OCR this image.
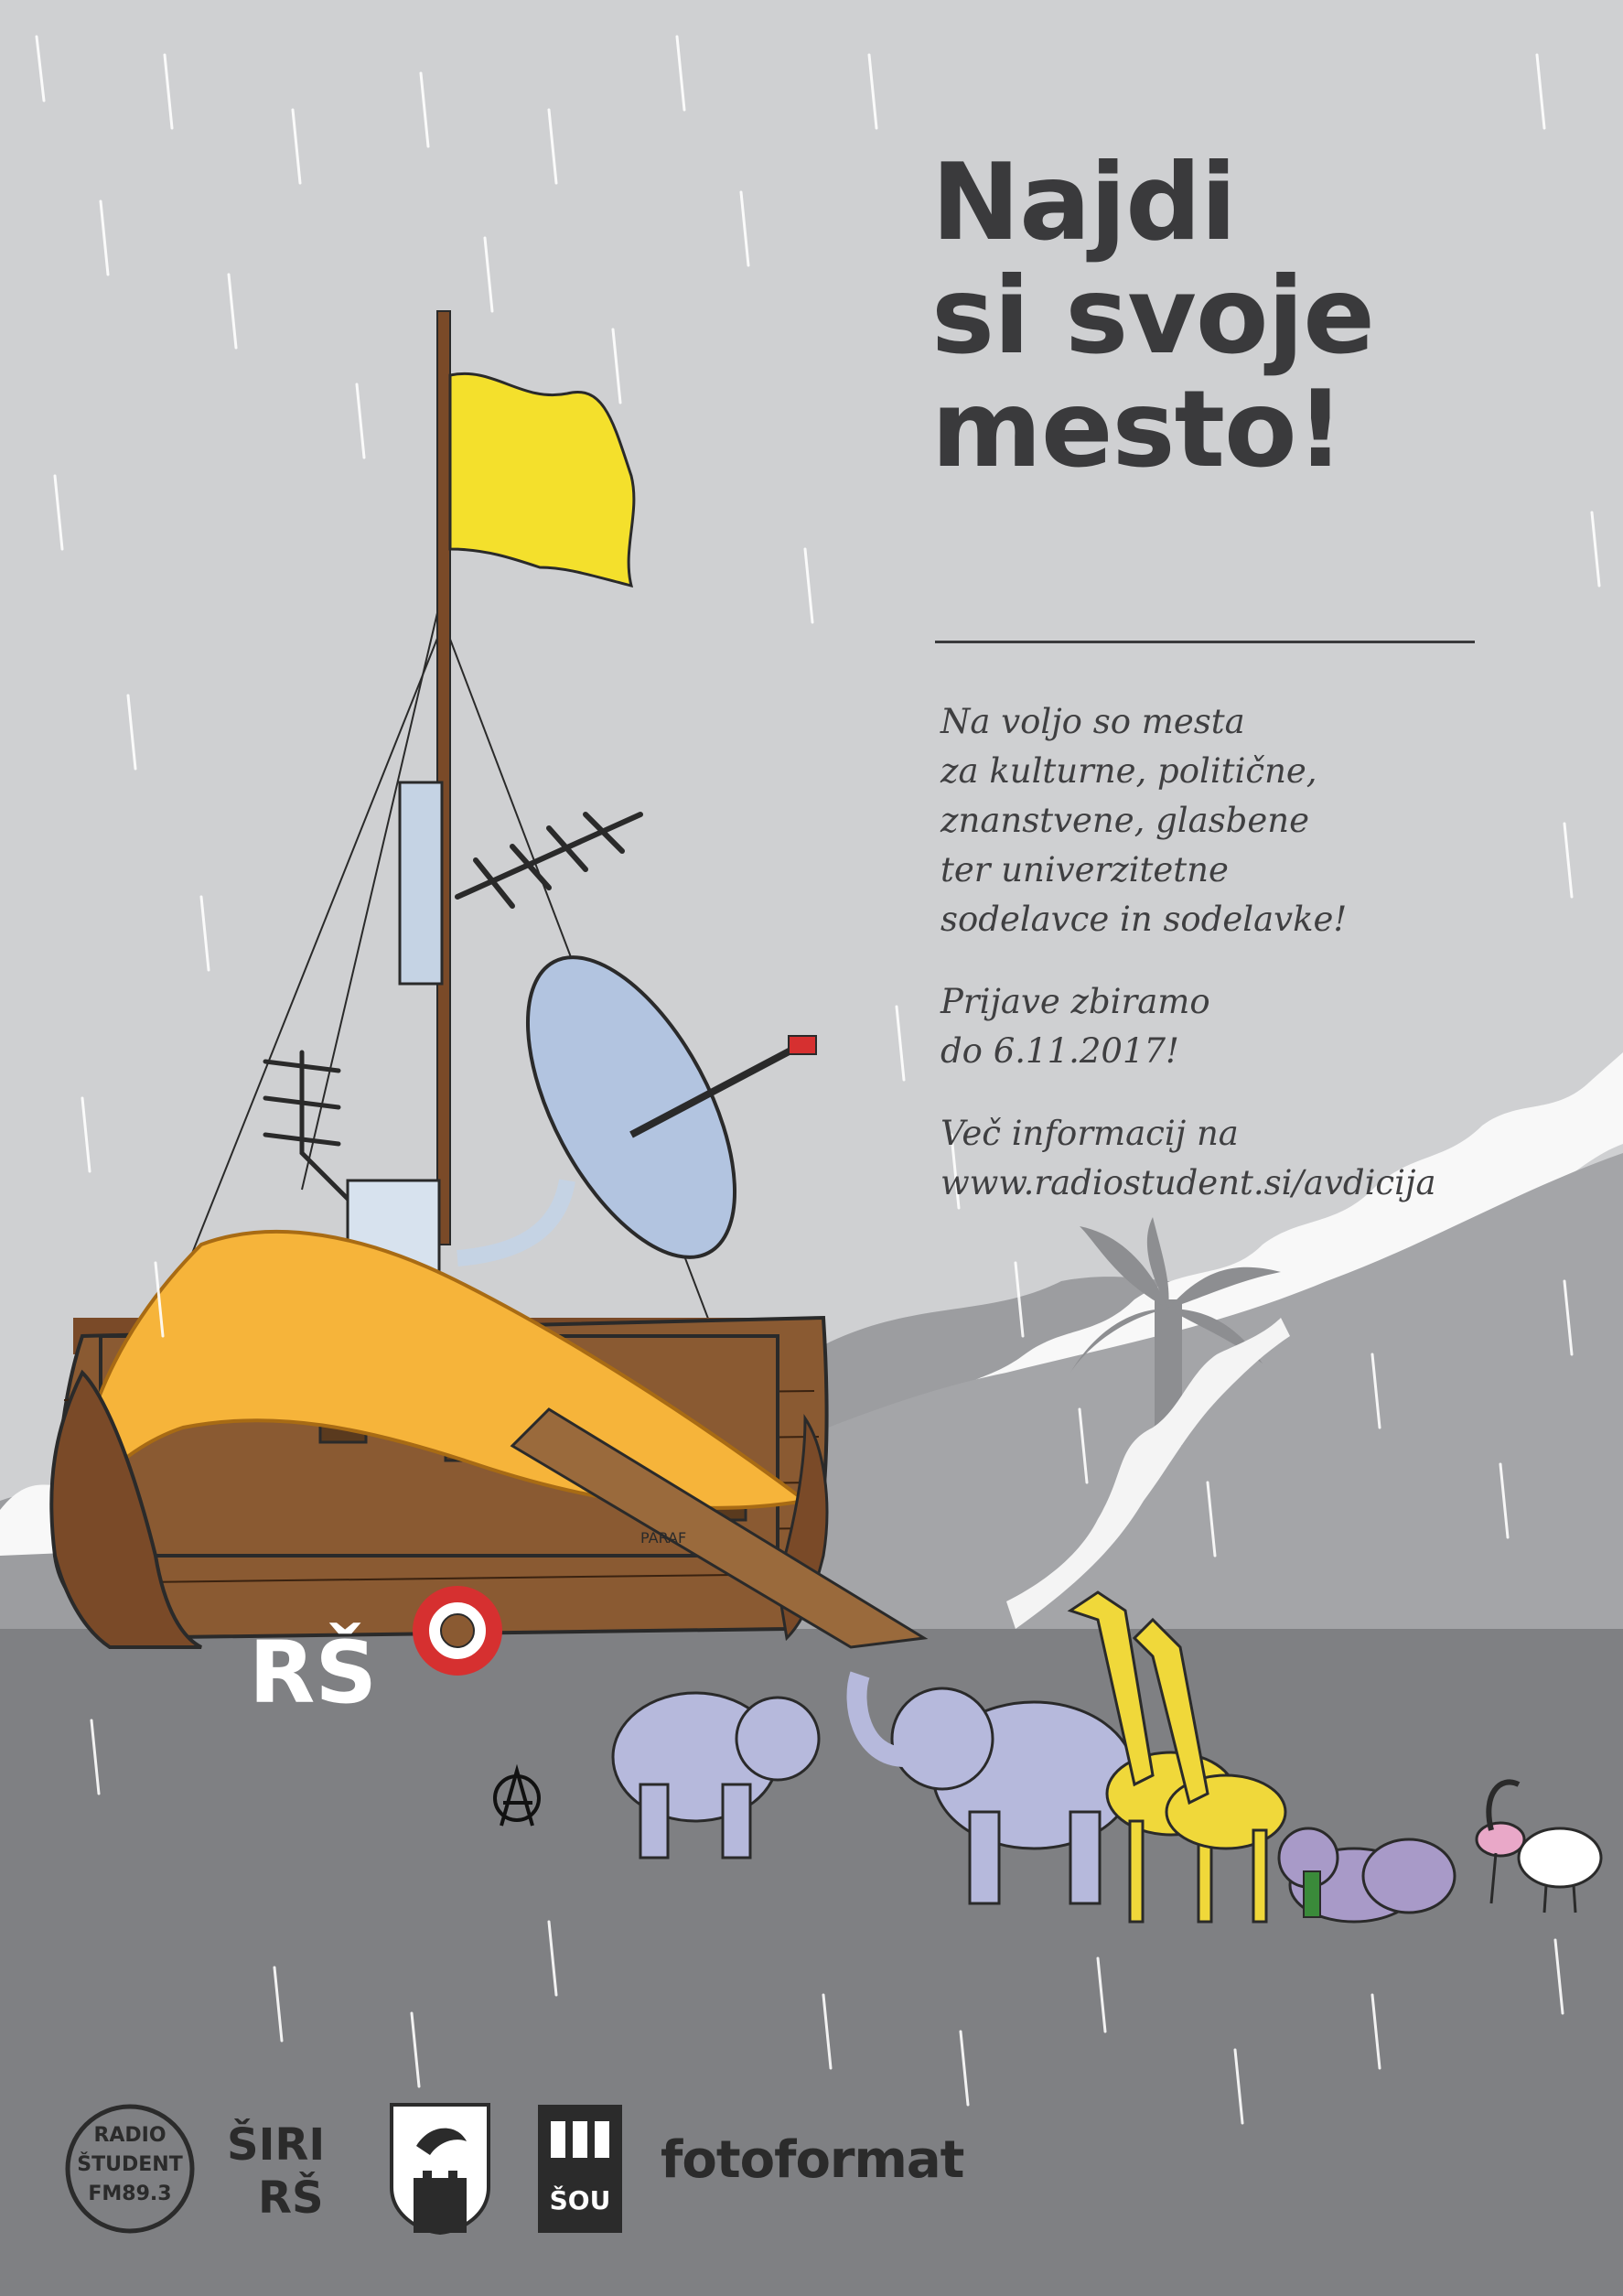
RŠ
PARAF
Najdi
si svoje
mesto!

Na voljo so mesta
za kulturne, politične,
znanstvene, glasbene
ter univerzitetne
sodelavce in sodelavke!

Prijave zbiramo
do 6.11.2017!

Več informacij na
www.radiostudent.si/avdicija

RADIO
ŠTUDENT
FM89.3
ŠIRI
RŠ	ŠOU
fotoformat
